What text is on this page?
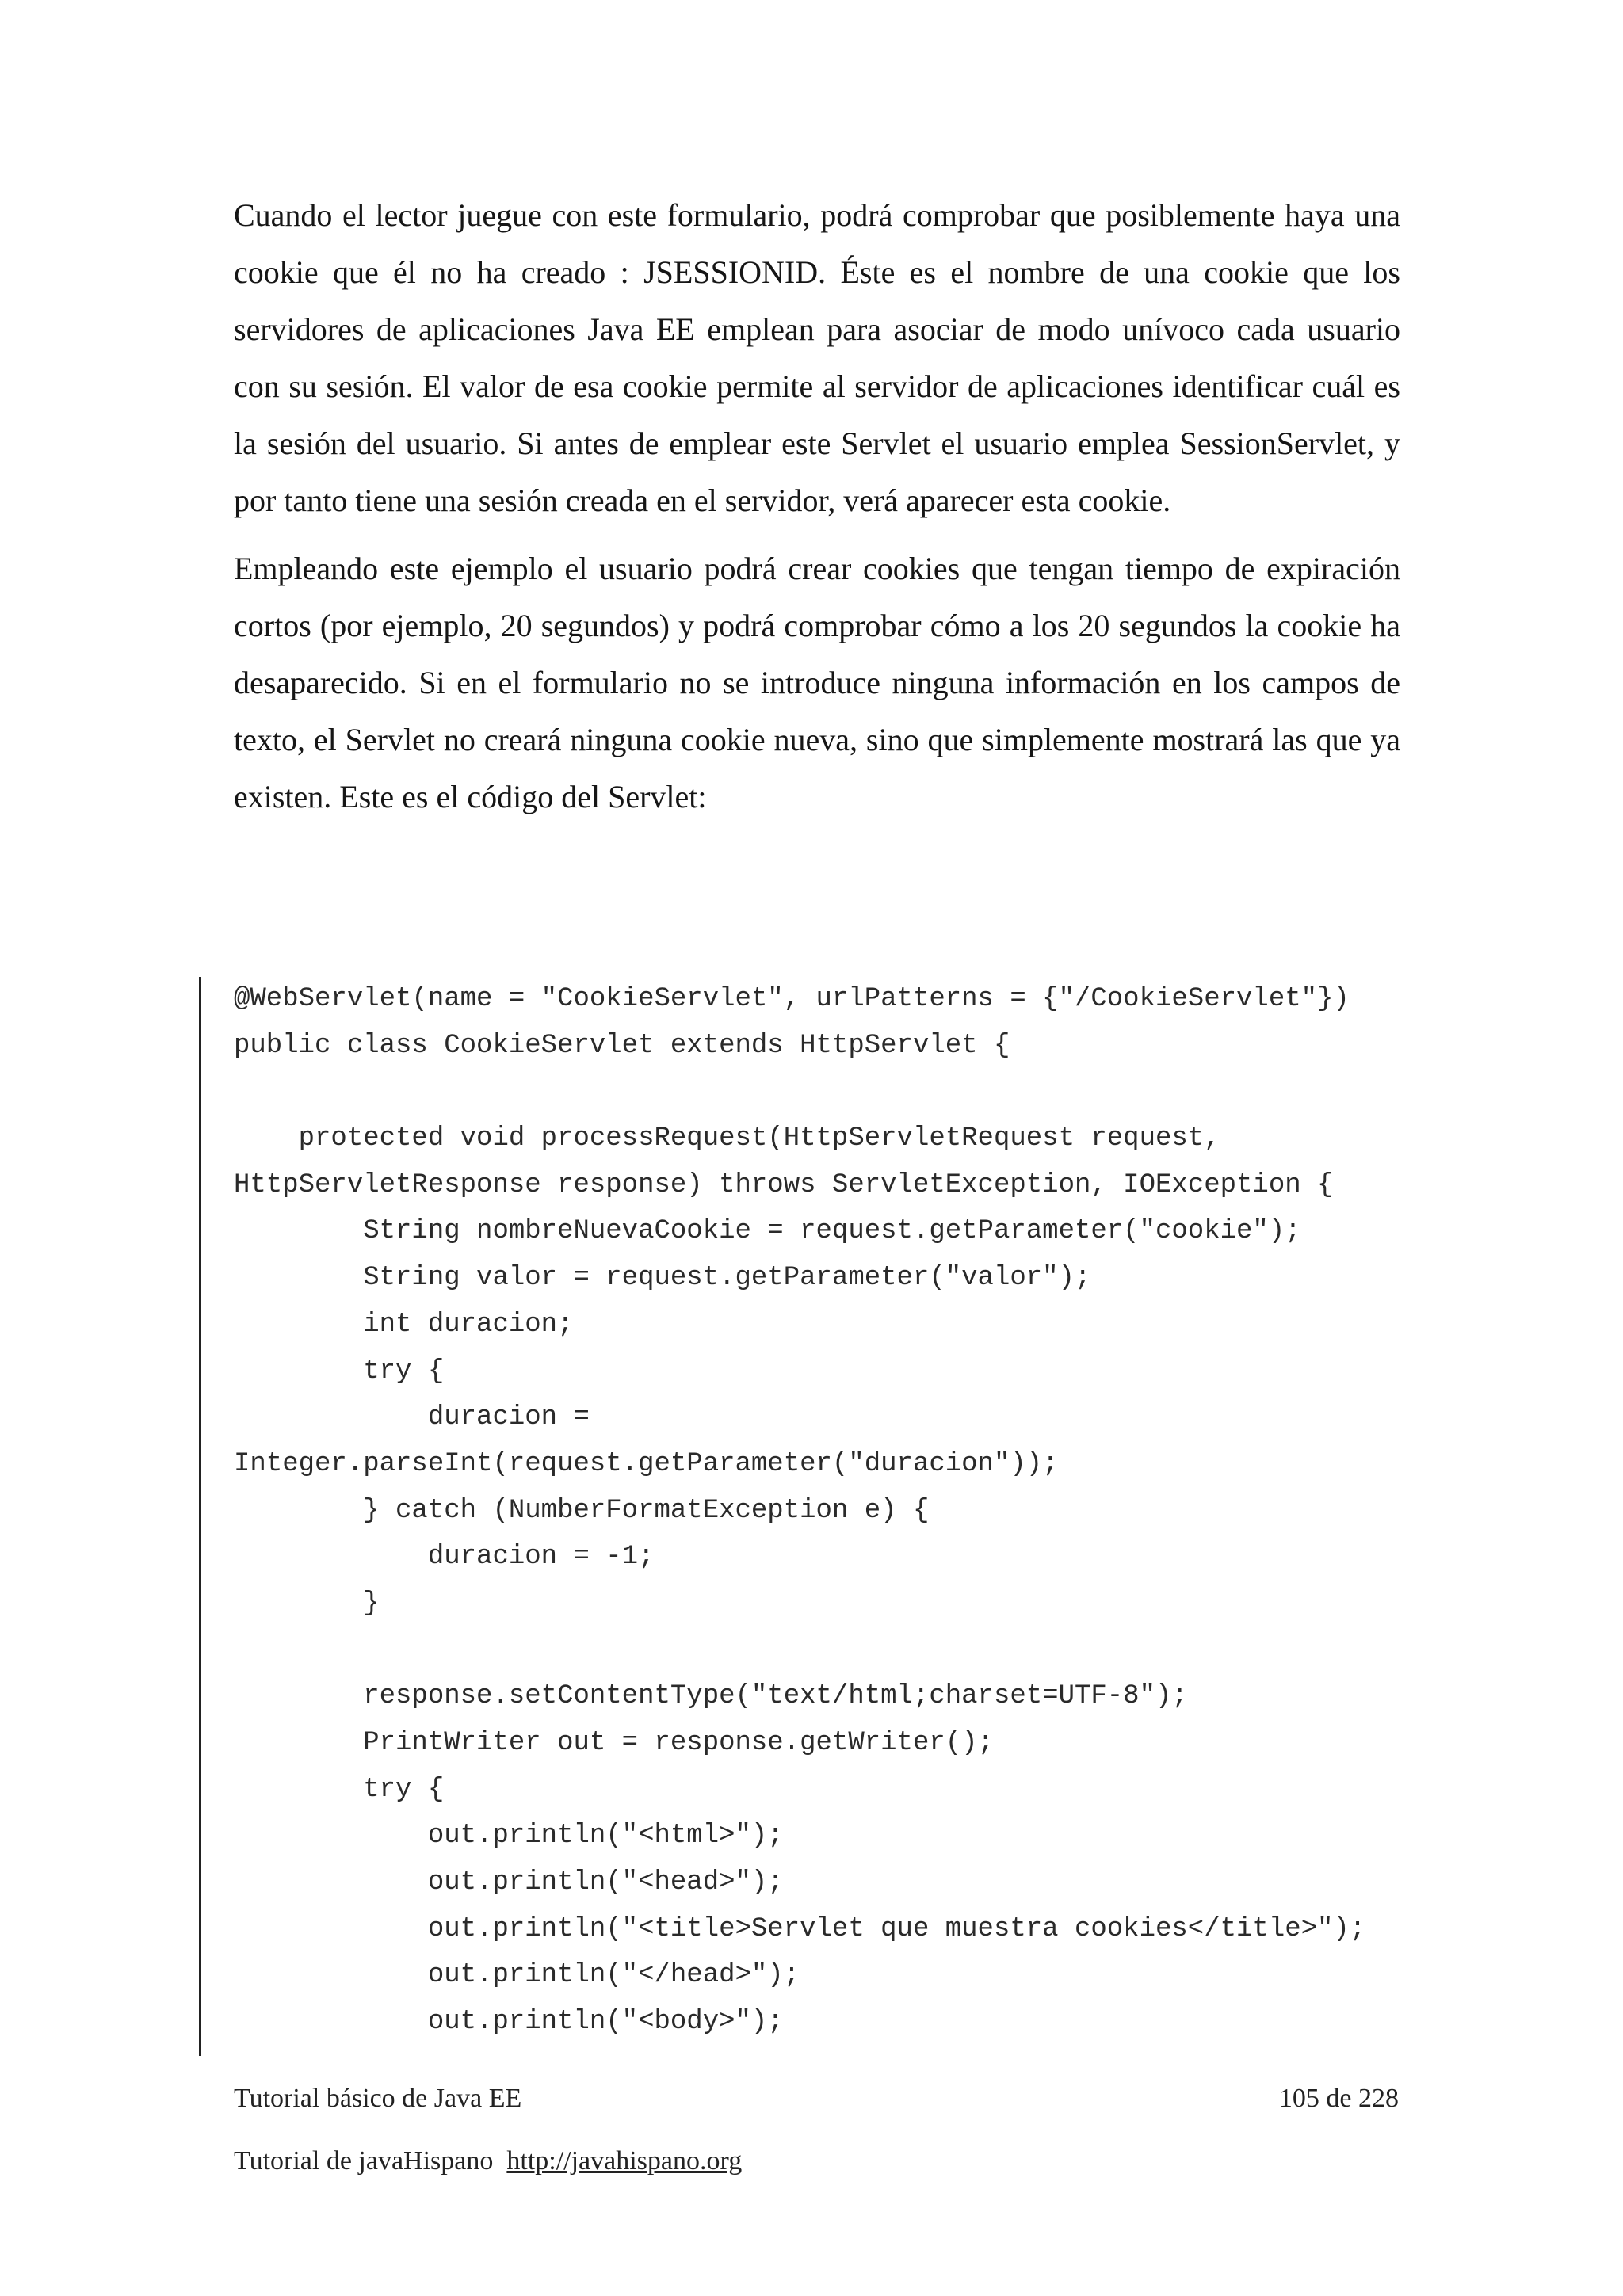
Cuando el lector juegue con este formulario, podrá comprobar que posiblemente haya una cookie que él no ha creado : JSESSIONID. Éste es el nombre de una cookie que los servidores de aplicaciones Java EE emplean para asociar de modo unívoco cada usuario con su sesión. El valor de esa cookie permite al servidor de aplicaciones identificar cuál es la sesión del usuario. Si antes de emplear este Servlet el usuario emplea SessionServlet, y por tanto tiene una sesión creada en el servidor, verá aparecer esta cookie.

Empleando este ejemplo el usuario podrá crear cookies que tengan tiempo de expiración cortos (por ejemplo, 20 segundos) y podrá comprobar cómo a los 20 segundos la cookie ha desaparecido. Si en el formulario no se introduce ninguna información en los campos de texto, el Servlet no creará ninguna cookie nueva, sino que simplemente mostrará las que ya existen. Este es el código del Servlet:

@WebServlet(name = "CookieServlet", urlPatterns = {"/CookieServlet"})
public class CookieServlet extends HttpServlet {
protected void processRequest(HttpServletRequest request,
HttpServletResponse response) throws ServletException, IOException {
String nombreNuevaCookie = request.getParameter("cookie");
String valor = request.getParameter("valor");
int duracion;
try {
duracion =
Integer.parseInt(request.getParameter("duracion"));
} catch (NumberFormatException e) {
duracion = -1;
}
response.setContentType("text/html;charset=UTF-8");
PrintWriter out = response.getWriter();
try {
out.println("<html>");
out.println("<head>");
out.println("<title>Servlet que muestra cookies</title>");
out.println("</head>");
out.println("<body>");
Tutorial básico de Java EE	105 de 228
Tutorial de javaHispano http://javahispano.org
